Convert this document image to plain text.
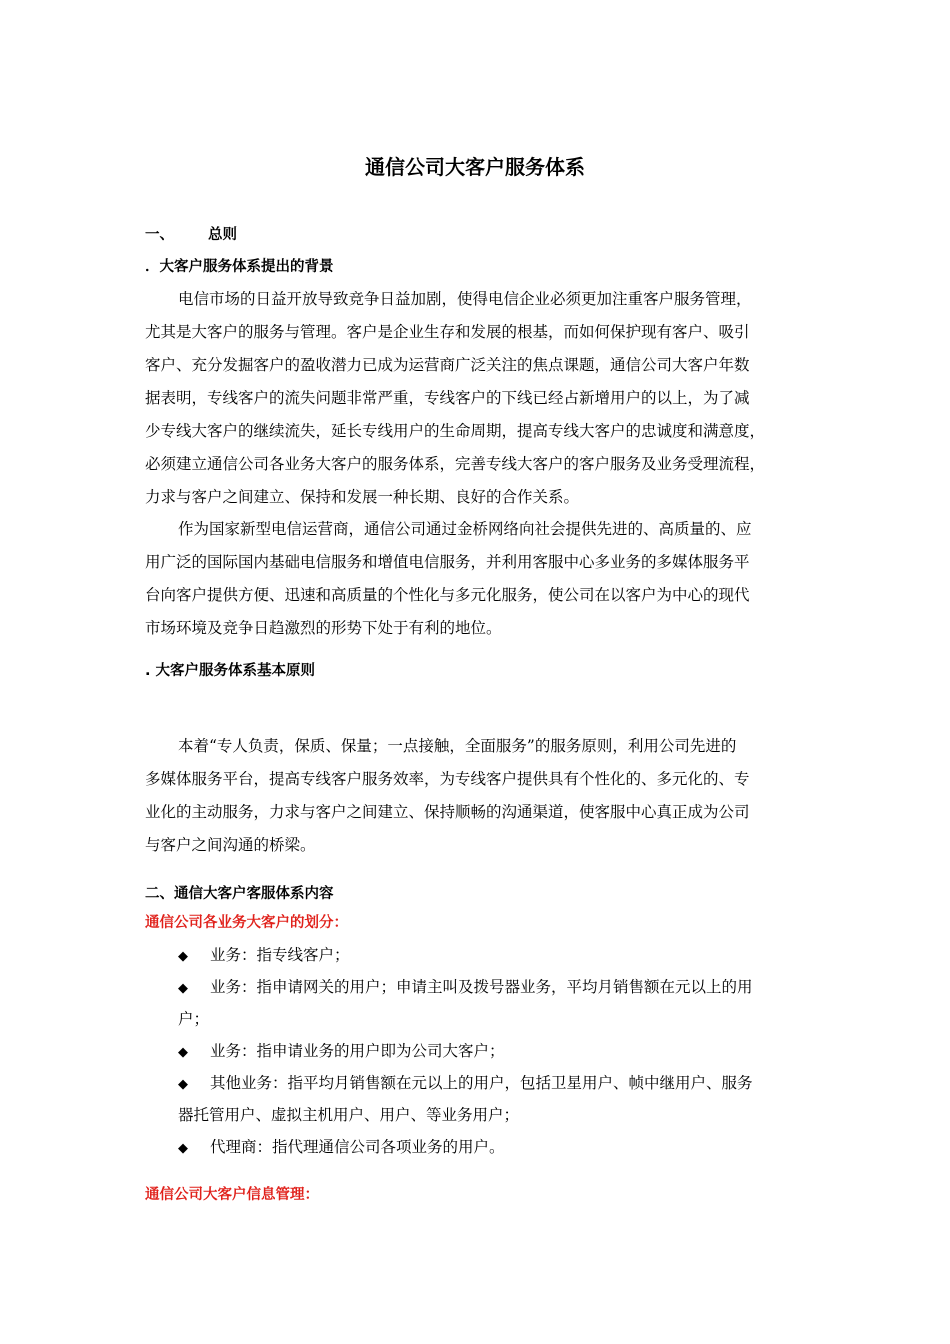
通信公司大客户服务体系
一、 总则
．大客户服务体系提出的背景
电信市场的日益开放导致竞争日益加剧，使得电信企业必须更加注重客户服务管理，
尤其是大客户的服务与管理。客户是企业生存和发展的根基，而如何保护现有客户、吸引
客户、充分发掘客户的盈收潜力已成为运营商广泛关注的焦点课题，通信公司大客户年数
据表明，专线客户的流失问题非常严重，专线客户的下线已经占新增用户的以上，为了减
少专线大客户的继续流失，延长专线用户的生命周期，提高专线大客户的忠诚度和满意度，
必须建立通信公司各业务大客户的服务体系，完善专线大客户的客户服务及业务受理流程，
力求与客户之间建立、保持和发展一种长期、良好的合作关系。
作为国家新型电信运营商，通信公司通过金桥网络向社会提供先进的、高质量的、应
用广泛的国际国内基础电信服务和增值电信服务，并利用客服中心多业务的多媒体服务平
台向客户提供方便、迅速和高质量的个性化与多元化服务，使公司在以客户为中心的现代
市场环境及竞争日趋激烈的形势下处于有利的地位。
. 大客户服务体系基本原则
本着“专人负责，保质、保量；一点接触，全面服务”的服务原则，利用公司先进的
多媒体服务平台，提高专线客户服务效率，为专线客户提供具有个性化的、多元化的、专
业化的主动服务，力求与客户之间建立、保持顺畅的沟通渠道，使客服中心真正成为公司
与客户之间沟通的桥梁。
二、通信大客户客服体系内容
通信公司各业务大客户的划分：
◆ 业务：指专线客户；
◆ 业务：指申请网关的用户；申请主叫及拨号器业务，平均月销售额在元以上的用
户；
◆ 业务：指申请业务的用户即为公司大客户；
◆ 其他业务：指平均月销售额在元以上的用户，包括卫星用户、帧中继用户、服务
器托管用户、虚拟主机用户、用户、等业务用户；
◆ 代理商：指代理通信公司各项业务的用户。
通信公司大客户信息管理：
